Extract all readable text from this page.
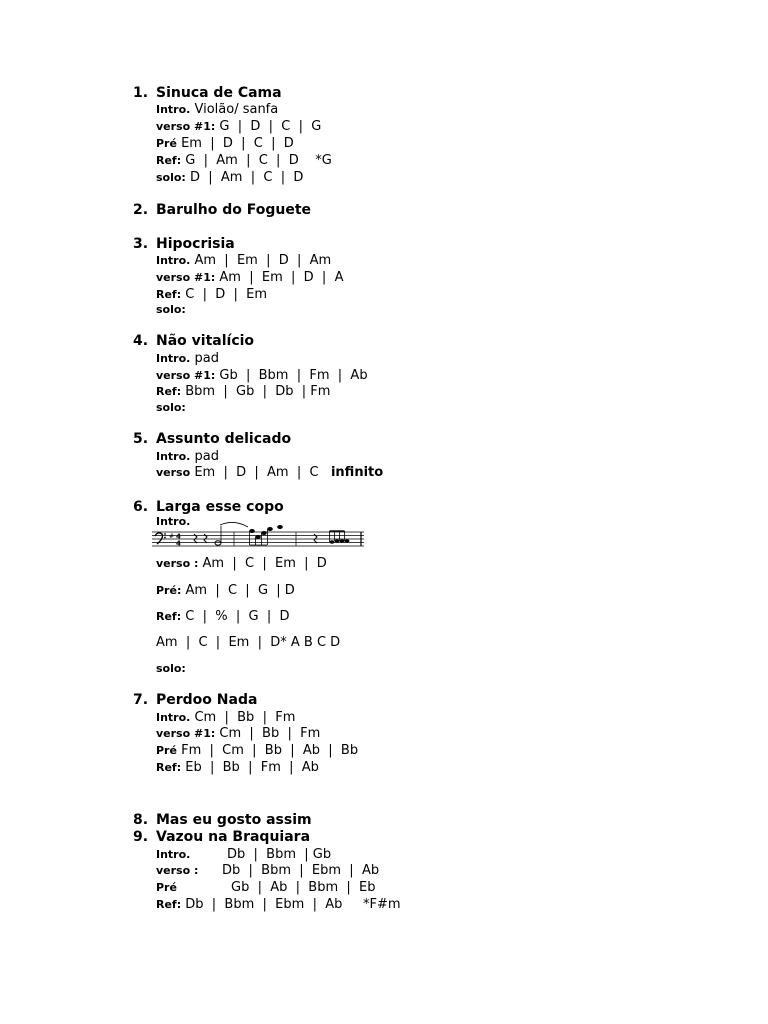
1. Sinuca de Cama
Intro. Violão/ sanfa
verso #1: G  |  D  |  C  |  G
Pré Em  |  D  |  C  |  D
Ref: G  |  Am  |  C  |  D    *G
solo: D  |  Am  |  C  |  D
2. Barulho do Foguete
3. Hipocrisia
Intro. Am  |  Em  |  D  |  Am
verso #1: Am  |  Em  |  D  |  A
Ref: C  |  D  |  Em
solo:
4. Não vitalício
Intro. pad
verso #1: Gb  |  Bbm  |  Fm  |  Ab
Ref: Bbm  |  Gb  |  Db  | Fm
solo:
5. Assunto delicado
Intro. pad
verso Em  |  D  |  Am  |  C infinito
6. Larga esse copo
Intro.
# 4
4
verso : Am  |  C  |  Em  |  D
Pré: Am  |  C  |  G  | D
Ref: C  |  %  |  G  |  D
Am  |  C  |  Em  |  D* A B C D
solo:
7. Perdoo Nada
Intro. Cm  |  Bb  |  Fm
verso #1: Cm  |  Bb  |  Fm
Pré Fm  |  Cm  |  Bb  |  Ab  |  Bb
Ref: Eb  |  Bb  |  Fm  |  Ab
8. Mas eu gosto assim
9. Vazou na Braquiara
Intro.	Db  |  Bbm  | Gb
verso : Db  |  Bbm  |  Ebm  |  Ab
Pré	Gb  |  Ab  |  Bbm  |  Eb
Ref: Db  |  Bbm  |  Ebm  |  Ab     *F#m
